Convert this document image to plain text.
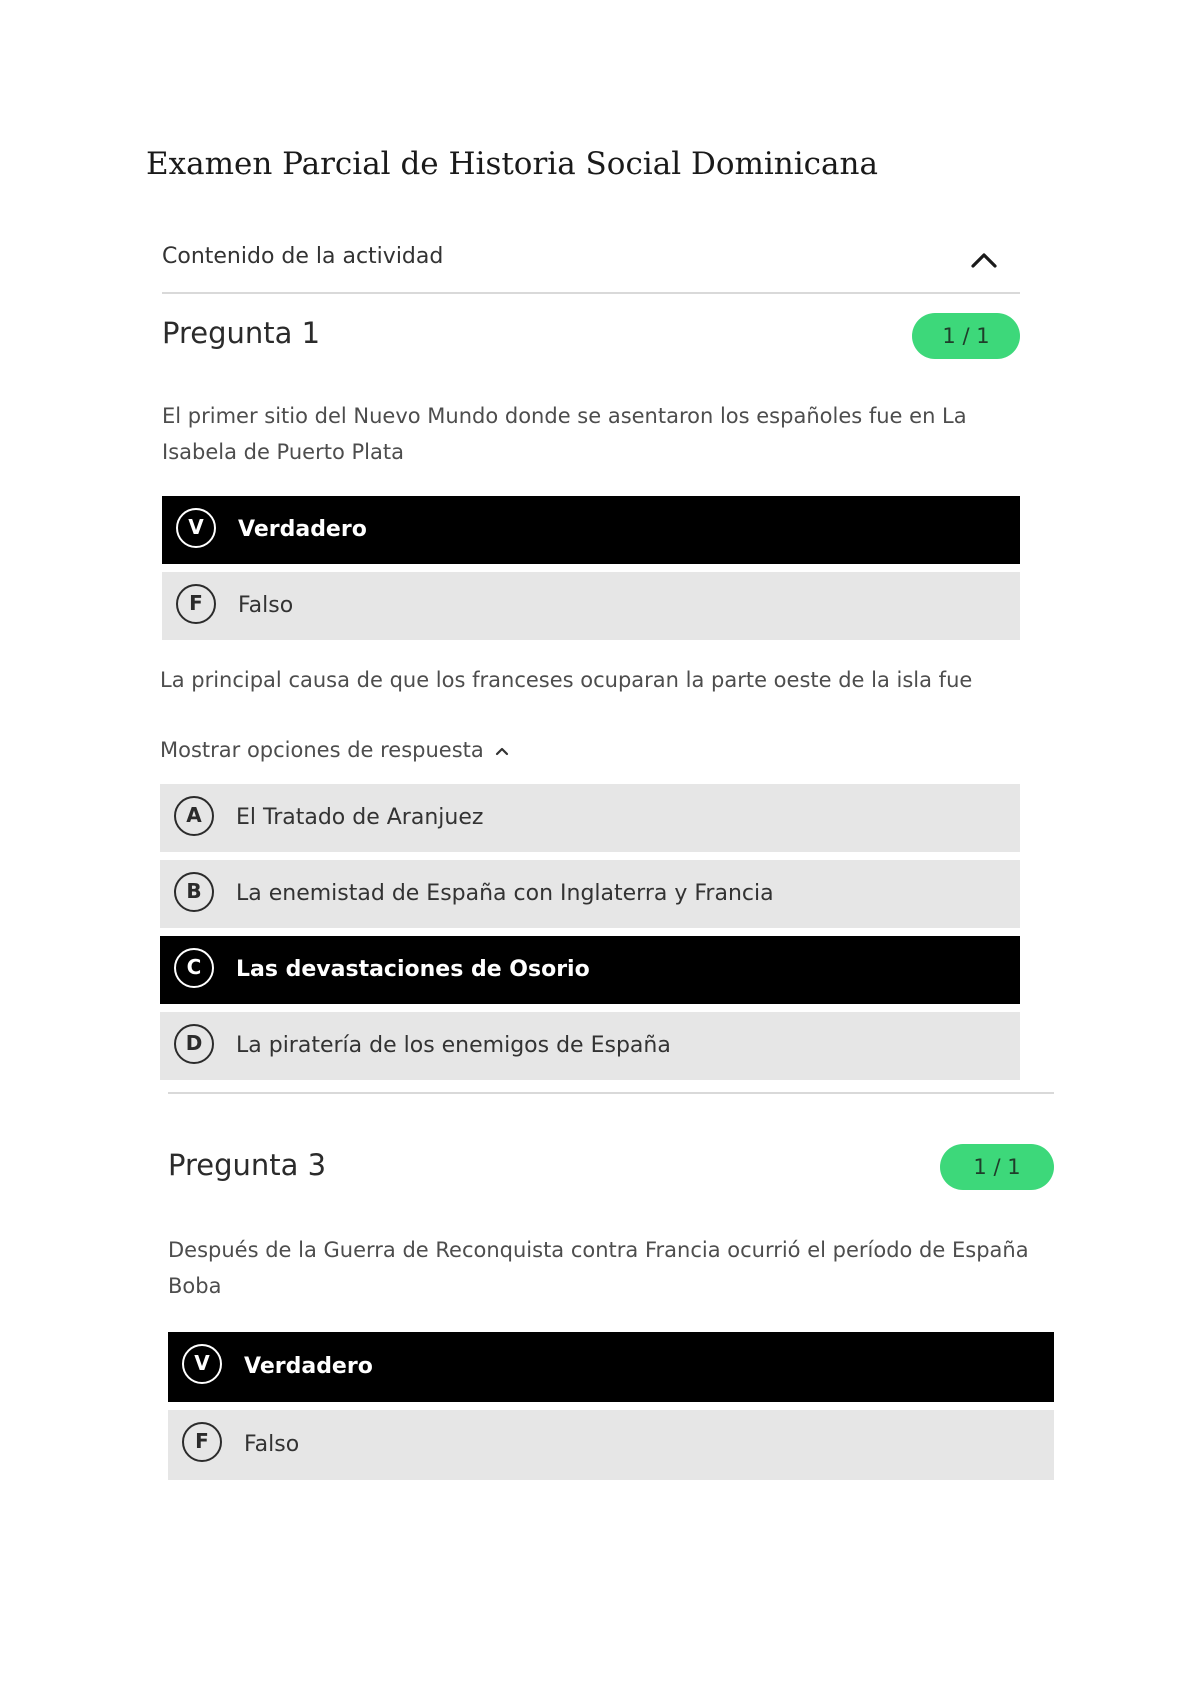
Examen Parcial de Historia Social Dominicana
Contenido de la actividad
Pregunta 1	1 / 1

El primer sitio del Nuevo Mundo donde se asentaron los españoles fue en La Isabela de Puerto Plata

V	Verdadero
F	Falso

La principal causa de que los franceses ocuparan la parte oeste de la isla fue

Mostrar opciones de respuesta
A	El Tratado de Aranjuez
B	La enemistad de España con Inglaterra y Francia
C	Las devastaciones de Osorio
D	La piratería de los enemigos de España
Pregunta 3	1 / 1

Después de la Guerra de Reconquista contra Francia ocurrió el período de España Boba

V	Verdadero
F	Falso
